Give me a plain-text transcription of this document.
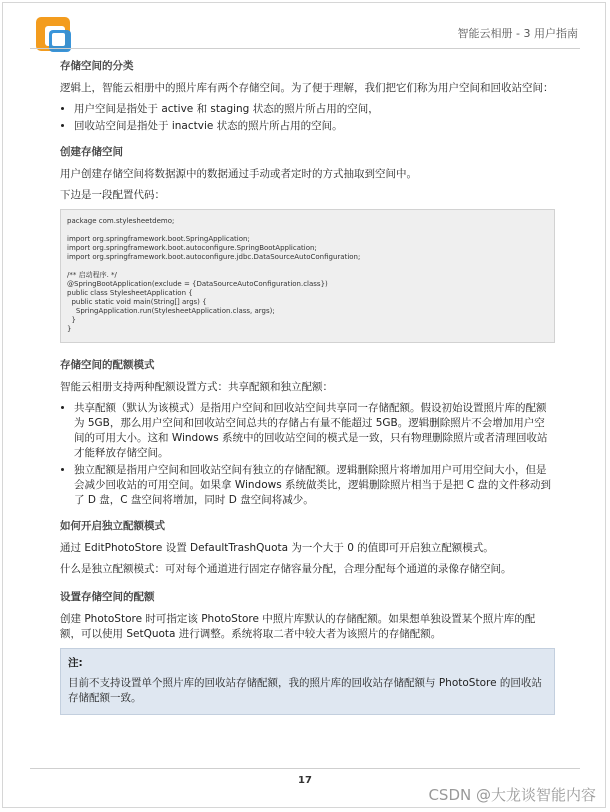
智能云相册 - 3 用户指南
存储空间的分类

逻辑上，智能云相册中的照片库有两个存储空间。为了便于理解，我们把它们称为用户空间和回收站空间：

• 用户空间是指处于 active 和 staging 状态的照片所占用的空间，
• 回收站空间是指处于 inactvie 状态的照片所占用的空间。
创建存储空间

用户创建存储空间将数据源中的数据通过手动或者定时的方式抽取到空间中。

下边是一段配置代码：

package com.stylesheetdemo;
import org.springframework.boot.SpringApplication;
import org.springframework.boot.autoconfigure.SpringBootApplication;
import org.springframework.boot.autoconfigure.jdbc.DataSourceAutoConfiguration;
/** 启动程序. */
@SpringBootApplication(exclude = {DataSourceAutoConfiguration.class})
public class StylesheetApplication {
public static void main(String[] args) {
SpringApplication.run(StylesheetApplication.class, args);
}
}
存储空间的配额模式

智能云相册支持两种配额设置方式：共享配额和独立配额：

• 共享配额（默认为该模式）是指用户空间和回收站空间共享同一存储配额。假设初始设置照片库的配额为 5GB，那么用户空间和回收站空间总共的存储占有量不能超过 5GB。逻辑删除照片不会增加用户空间的可用大小。这和 Windows 系统中的回收站空间的模式是一致，只有物理删除照片或者清理回收站才能释放存储空间。
• 独立配额是指用户空间和回收站空间有独立的存储配额。逻辑删除照片将增加用户可用空间大小，但是会减少回收站的可用空间。如果拿 Windows 系统做类比，逻辑删除照片相当于是把 C 盘的文件移动到了 D 盘，C 盘空间将增加，同时 D 盘空间将减少。
如何开启独立配额模式

通过 EditPhotoStore 设置 DefaultTrashQuota 为一个大于 0 的值即可开启独立配额模式。

什么是独立配额模式：可对每个通道进行固定存储容量分配，合理分配每个通道的录像存储空间。

设置存储空间的配额

创建 PhotoStore 时可指定该 PhotoStore 中照片库默认的存储配额。如果想单独设置某个照片库的配额，可以使用 SetQuota 进行调整。系统将取二者中较大者为该照片的存储配额。

注:

目前不支持设置单个照片库的回收站存储配额，我的照片库的回收站存储配额与 PhotoStore 的回收站存储配额一致。

17
CSDN @大龙谈智能内容
